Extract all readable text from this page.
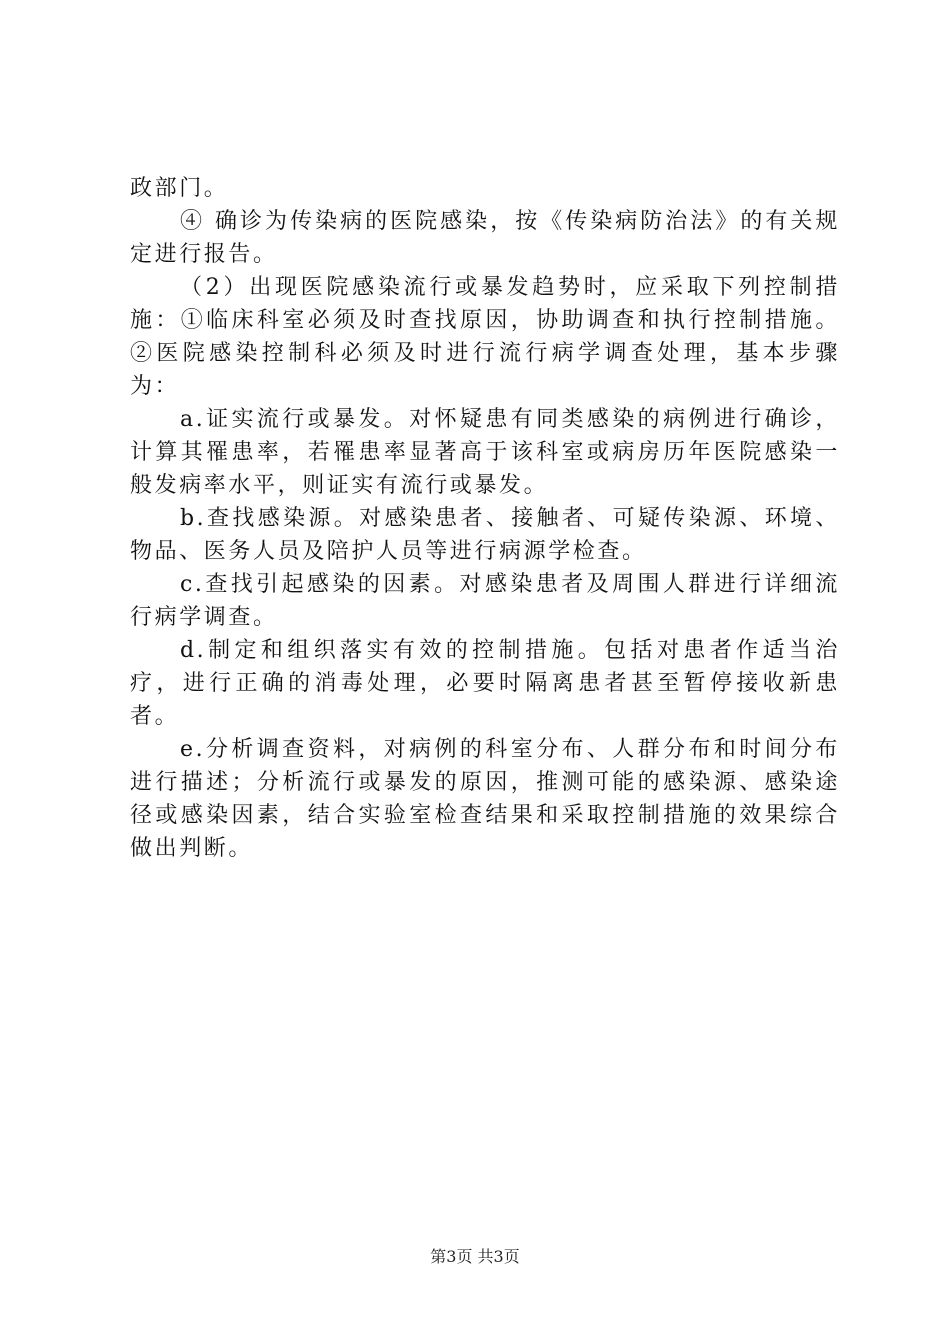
政部门。

④ 确诊为传染病的医院感染，按《传染病防治法》的有关规定进行报告。

（2）出现医院感染流行或暴发趋势时，应采取下列控制措施：①临床科室必须及时查找原因，协助调查和执行控制措施。②医院感染控制科必须及时进行流行病学调查处理，基本步骤为：

a.证实流行或暴发。对怀疑患有同类感染的病例进行确诊，计算其罹患率，若罹患率显著高于该科室或病房历年医院感染一般发病率水平，则证实有流行或暴发。

b.查找感染源。对感染患者、接触者、可疑传染源、环境、物品、医务人员及陪护人员等进行病源学检查。

c.查找引起感染的因素。对感染患者及周围人群进行详细流行病学调查。

d.制定和组织落实有效的控制措施。包括对患者作适当治疗，进行正确的消毒处理，必要时隔离患者甚至暂停接收新患者。

e.分析调查资料，对病例的科室分布、人群分布和时间分布进行描述；分析流行或暴发的原因，推测可能的感染源、感染途径或感染因素，结合实验室检查结果和采取控制措施的效果综合做出判断。

第3页 共3页
